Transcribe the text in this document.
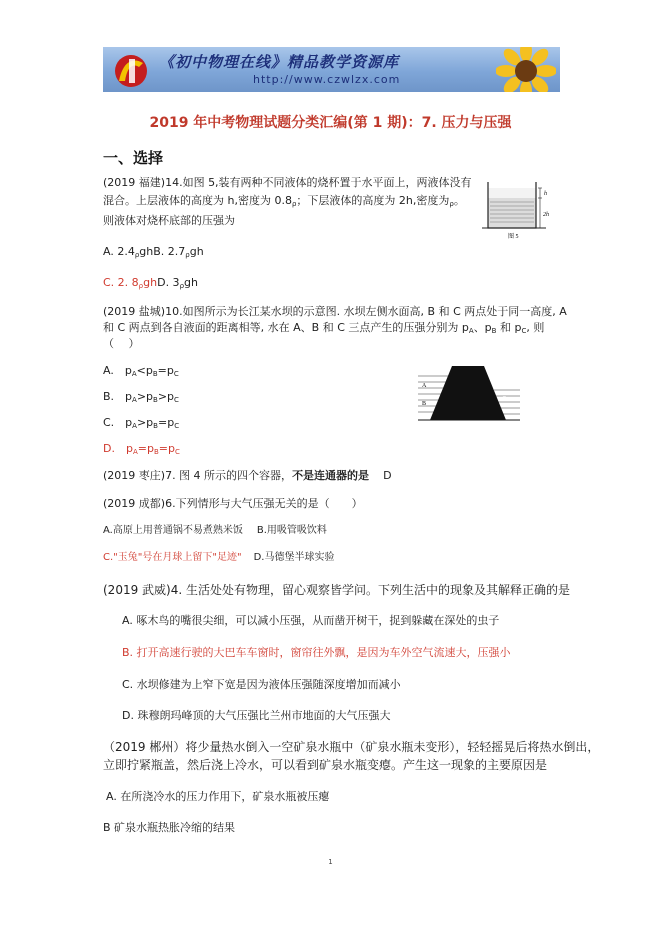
《初中物理在线》精品教学资源库
http://www.czwlzx.com
2019 年中考物理试题分类汇编(第 1 期)：7. 压力与压强
一、选择
(2019 福建)14.如图 5,装有两种不同液体的烧杯置于水平面上，两液体没有
混合。上层液体的高度为 h,密度为 $0.8_\rho$；下层液体的高度为 2h,密度为$_\rho$。
则液体对烧杯底部的压强为
h
2h
图 5
A. $2.4_\rho ghB$. $2.7_\rho gh$
C. 2. $8_\rho ghD$. $3_\rho gh$
(2019 盐城)10.如图所示为长江某水坝的示意图. 水坝左侧水面高, B 和 C 两点处于同一高度, A
和 C 两点到各自液面的距离相等, 水在 A、B 和 C 三点产生的压强分别为 $p_A$、$p_B$ 和 $p_C$, 则
（　 ）
A
B
C
A.　$p_A<p_B=p_C$
B.　$p_A>p_B>p_C$
C.　$p_A>p_B=p_C$
D.　$p_A=p_B=p_C$
(2019 枣庄)7. 图 4 所示的四个容器，不是连通器的是 D
(2019 成都)6.下列情形与大气压强无关的是（　　）
A.高原上用普通锅不易煮熟米饭 B.用吸管吸饮料
C."玉兔"号在月球上留下"足迹" D.马德堡半球实验
(2019 武威)4. 生活处处有物理，留心观察皆学问。下列生活中的现象及其解释正确的是
A. 啄木鸟的嘴很尖细，可以减小压强，从而凿开树干，捉到躲藏在深处的虫子
B. 打开高速行驶的大巴车车窗时，窗帘往外飘，是因为车外空气流速大，压强小
C. 水坝修建为上窄下宽是因为液体压强随深度增加而减小
D. 珠穆朗玛峰顶的大气压强比兰州市地面的大气压强大
（2019 郴州）将少量热水倒入一空矿泉水瓶中（矿泉水瓶未变形），轻轻摇晃后将热水倒出，
立即拧紧瓶盖，然后浇上冷水，可以看到矿泉水瓶变瘪。产生这一现象的主要原因是
A. 在所浇冷水的压力作用下，矿泉水瓶被压瘪
B 矿泉水瓶热胀冷缩的结果
1
